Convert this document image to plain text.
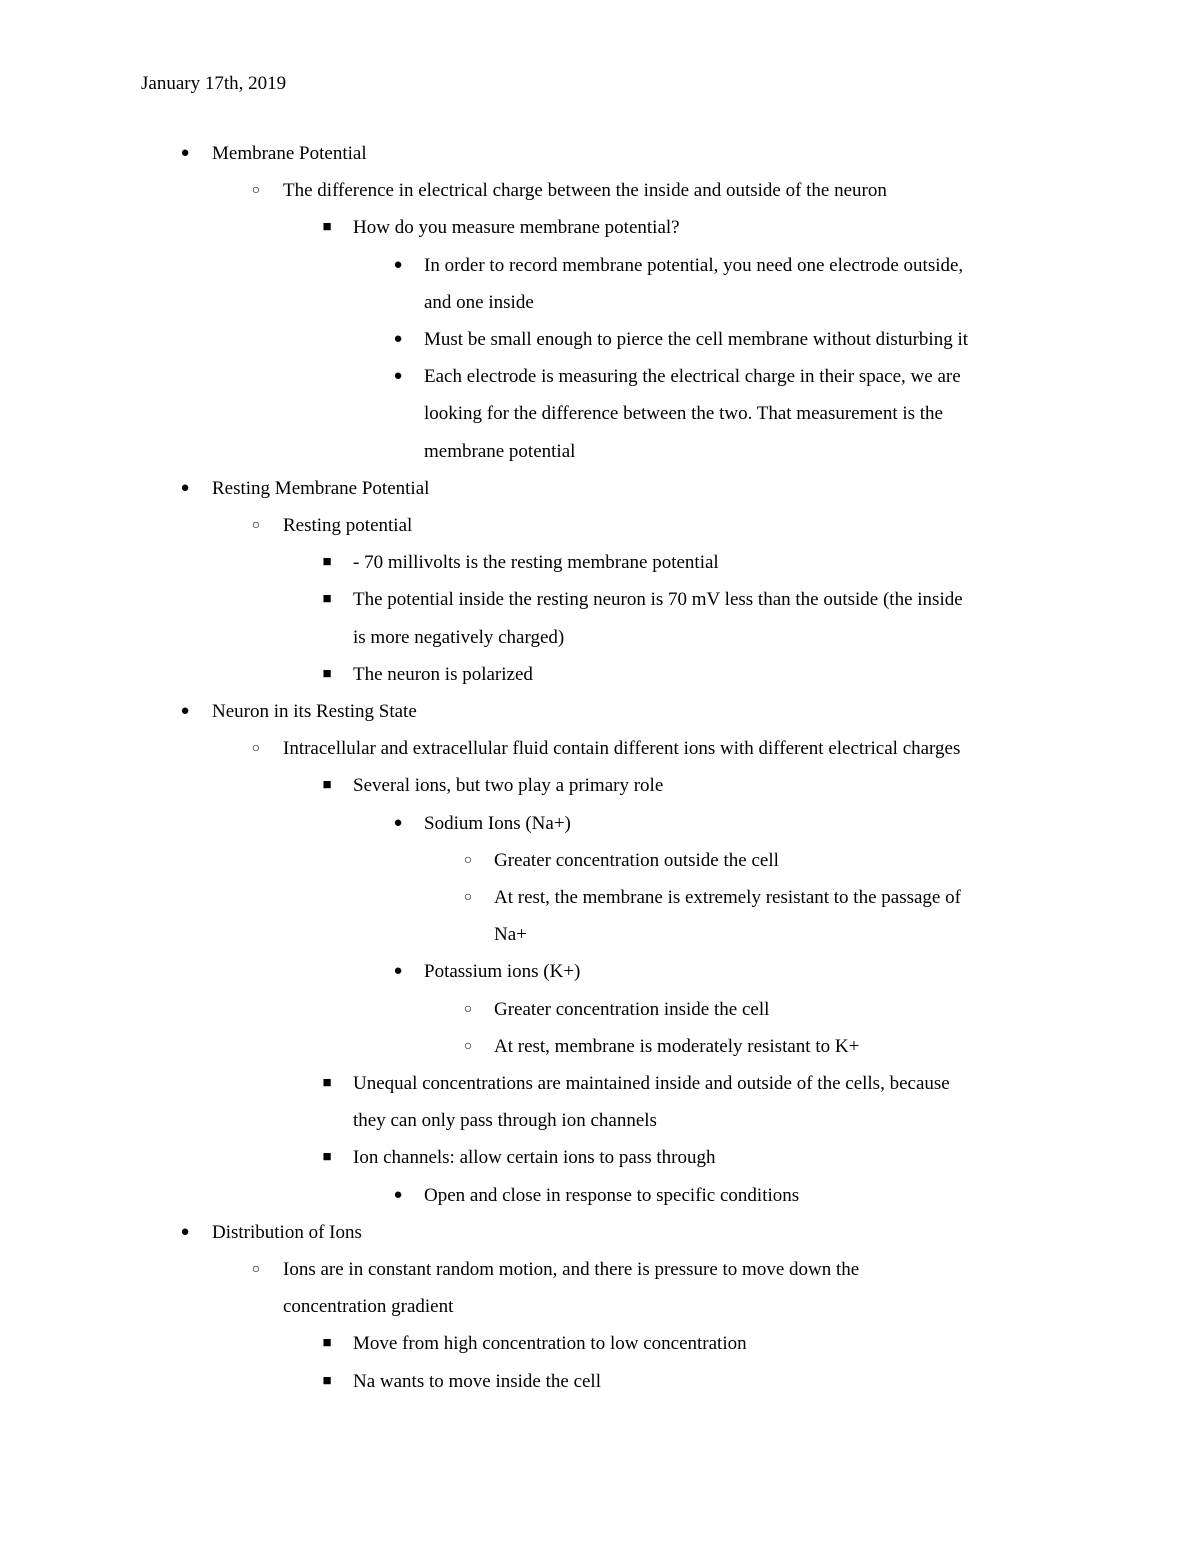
January 17th, 2019
● Membrane Potential
○	The difference in electrical charge between the inside and outside of the neuron
■ How do you measure membrane potential?
● In order to record membrane potential, you need one electrode outside,
and one inside
● Must be small enough to pierce the cell membrane without disturbing it
● Each electrode is measuring the electrical charge in their space, we are
looking for the difference between the two. That measurement is the
membrane potential
● Resting Membrane Potential
○	Resting potential
■ - 70 millivolts is the resting membrane potential
■ The potential inside the resting neuron is 70 mV less than the outside (the inside
is more negatively charged)
■ The neuron is polarized
● Neuron in its Resting State
○	Intracellular and extracellular fluid contain different ions with different electrical charges
■ Several ions, but two play a primary role
● Sodium Ions (Na+)
○	Greater concentration outside the cell
○	At rest, the membrane is extremely resistant to the passage of
Na+
● Potassium ions (K+)
○	Greater concentration inside the cell
○	At rest, membrane is moderately resistant to K+
■ Unequal concentrations are maintained inside and outside of the cells, because
they can only pass through ion channels
■ Ion channels: allow certain ions to pass through
● Open and close in response to specific conditions
● Distribution of Ions
○	Ions are in constant random motion, and there is pressure to move down the
concentration gradient
■ Move from high concentration to low concentration
■ Na wants to move inside the cell
